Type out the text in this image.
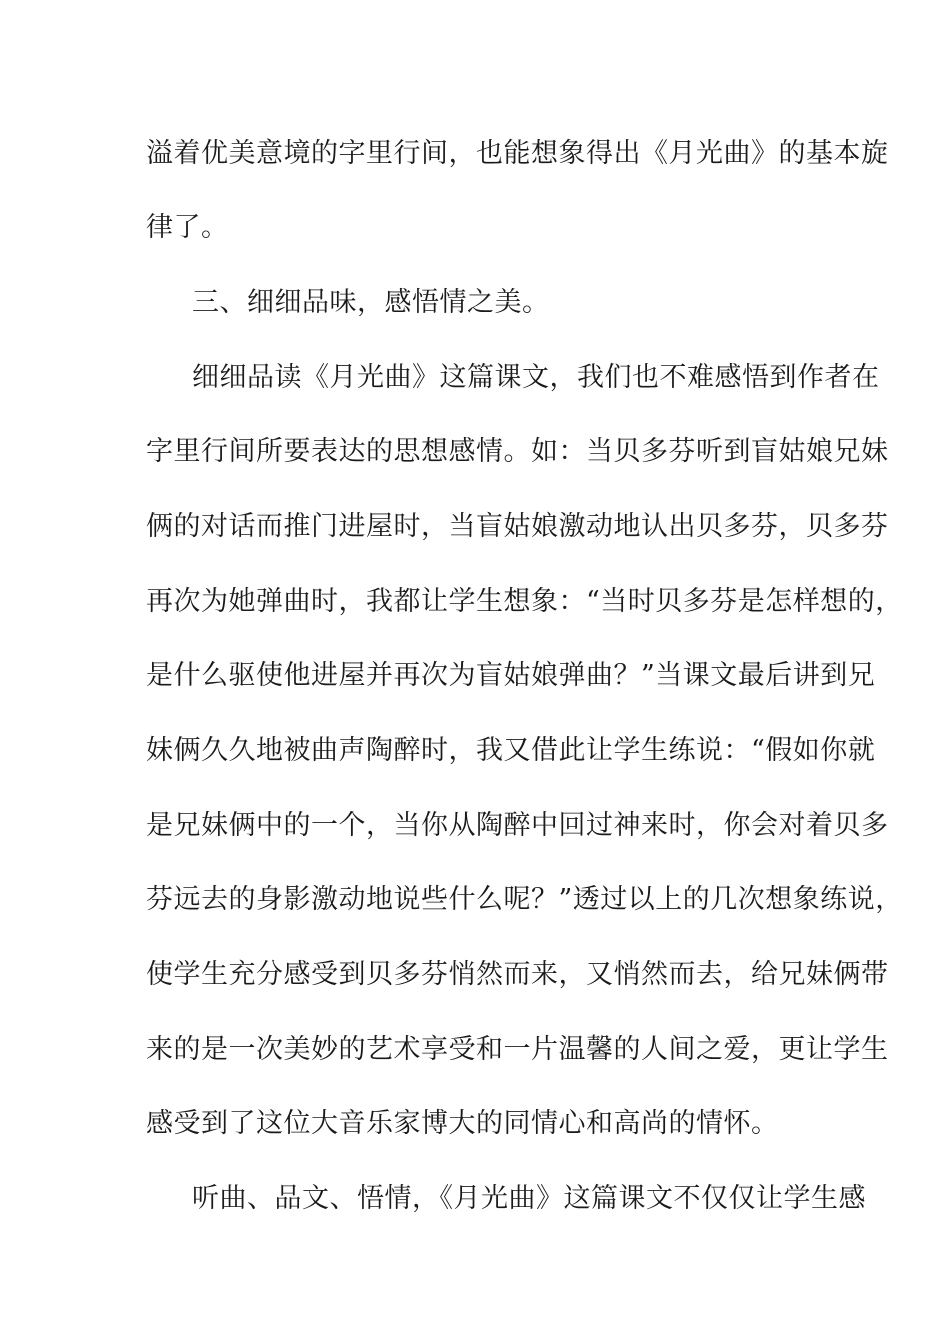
溢着优美意境的字里行间，也能想象得出《月光曲》的基本旋
律了。
三、细细品味，感悟情之美。
细细品读《月光曲》这篇课文，我们也不难感悟到作者在
字里行间所要表达的思想感情。如：当贝多芬听到盲姑娘兄妹
俩的对话而推门进屋时，当盲姑娘激动地认出贝多芬，贝多芬
再次为她弹曲时，我都让学生想象：“当时贝多芬是怎样想的，
是什么驱使他进屋并再次为盲姑娘弹曲？”当课文最后讲到兄
妹俩久久地被曲声陶醉时，我又借此让学生练说：“假如你就
是兄妹俩中的一个，当你从陶醉中回过神来时，你会对着贝多
芬远去的身影激动地说些什么呢？”透过以上的几次想象练说，
使学生充分感受到贝多芬悄然而来，又悄然而去，给兄妹俩带
来的是一次美妙的艺术享受和一片温馨的人间之爱，更让学生
感受到了这位大音乐家博大的同情心和高尚的情怀。
听曲、品文、悟情，《月光曲》这篇课文不仅仅让学生感
